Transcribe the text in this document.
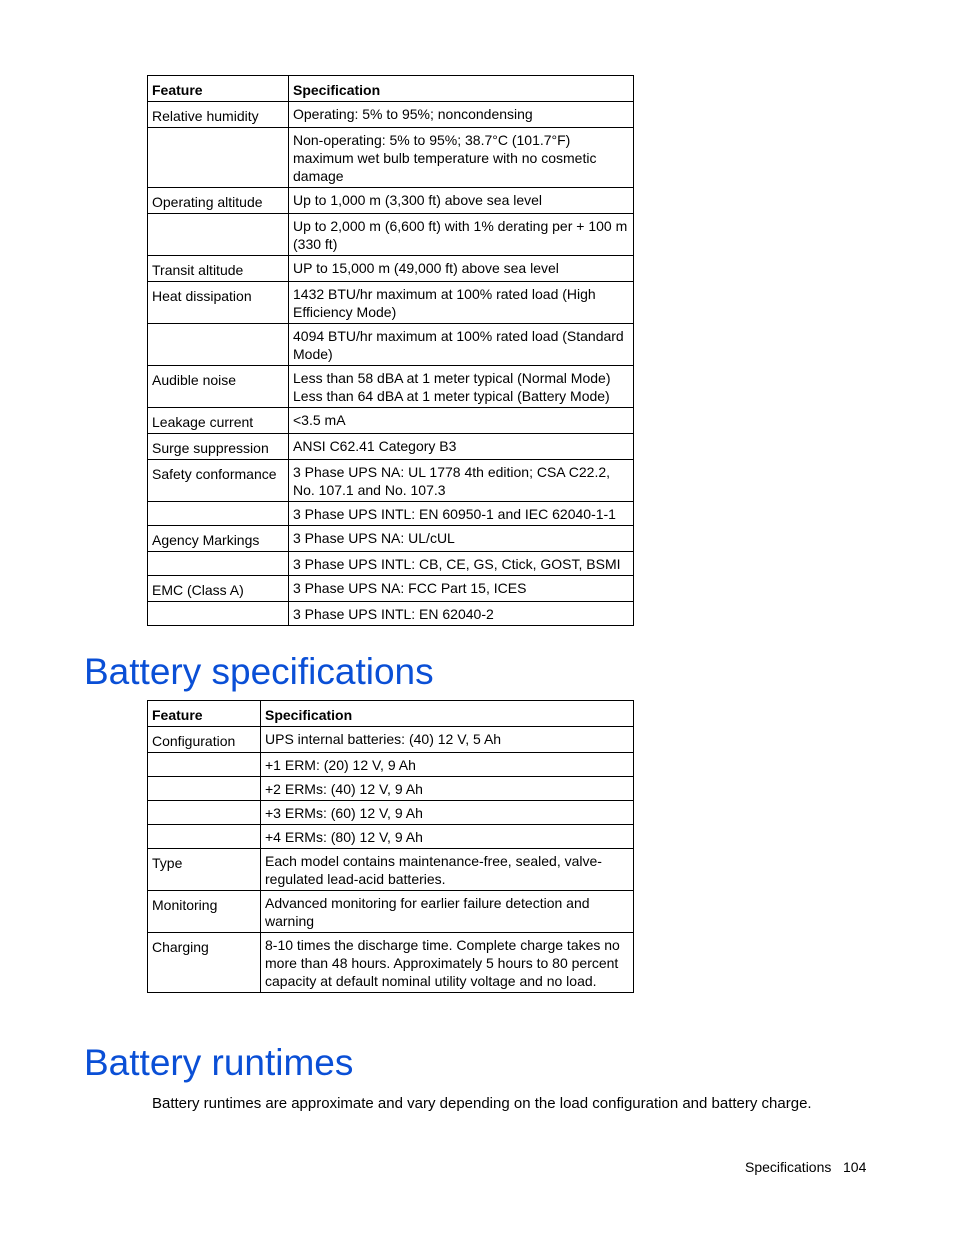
Feature	Specification
Relative humidity	Operating: 5% to 95%; noncondensing
	Non-operating: 5% to 95%; 38.7°C (101.7°F) maximum wet bulb temperature with no cosmetic damage
Operating altitude	Up to 1,000 m (3,300 ft) above sea level
	Up to 2,000 m (6,600 ft) with 1% derating per + 100 m (330 ft)
Transit altitude	UP to 15,000 m (49,000 ft) above sea level
Heat dissipation	1432 BTU/hr maximum at 100% rated load (High Efficiency Mode)
	4094 BTU/hr maximum at 100% rated load (Standard Mode)
Audible noise	Less than 58 dBA at 1 meter typical (Normal Mode)
Less than 64 dBA at 1 meter typical (Battery Mode)
Leakage current	<3.5 mA
Surge suppression	ANSI C62.41 Category B3
Safety conformance	3 Phase UPS NA: UL 1778 4th edition; CSA C22.2, No. 107.1 and No. 107.3
	3 Phase UPS INTL: EN 60950-1 and IEC 62040-1-1
Agency Markings	3 Phase UPS NA: UL/cUL
	3 Phase UPS INTL: CB, CE, GS, Ctick, GOST, BSMI
EMC (Class A)	3 Phase UPS NA: FCC Part 15, ICES
	3 Phase UPS INTL: EN 62040-2
Battery specifications
Feature	Specification
Configuration	UPS internal batteries: (40) 12 V, 5 Ah
	+1 ERM: (20) 12 V, 9 Ah
	+2 ERMs: (40) 12 V, 9 Ah
	+3 ERMs: (60) 12 V, 9 Ah
	+4 ERMs: (80) 12 V, 9 Ah
Type	Each model contains maintenance-free, sealed, valve-regulated lead-acid batteries.
Monitoring	Advanced monitoring for earlier failure detection and warning
Charging	8-10 times the discharge time. Complete charge takes no more than 48 hours. Approximately 5 hours to 80 percent capacity at default nominal utility voltage and no load.
Battery runtimes

Battery runtimes are approximate and vary depending on the load configuration and battery charge.

Specifications 104
